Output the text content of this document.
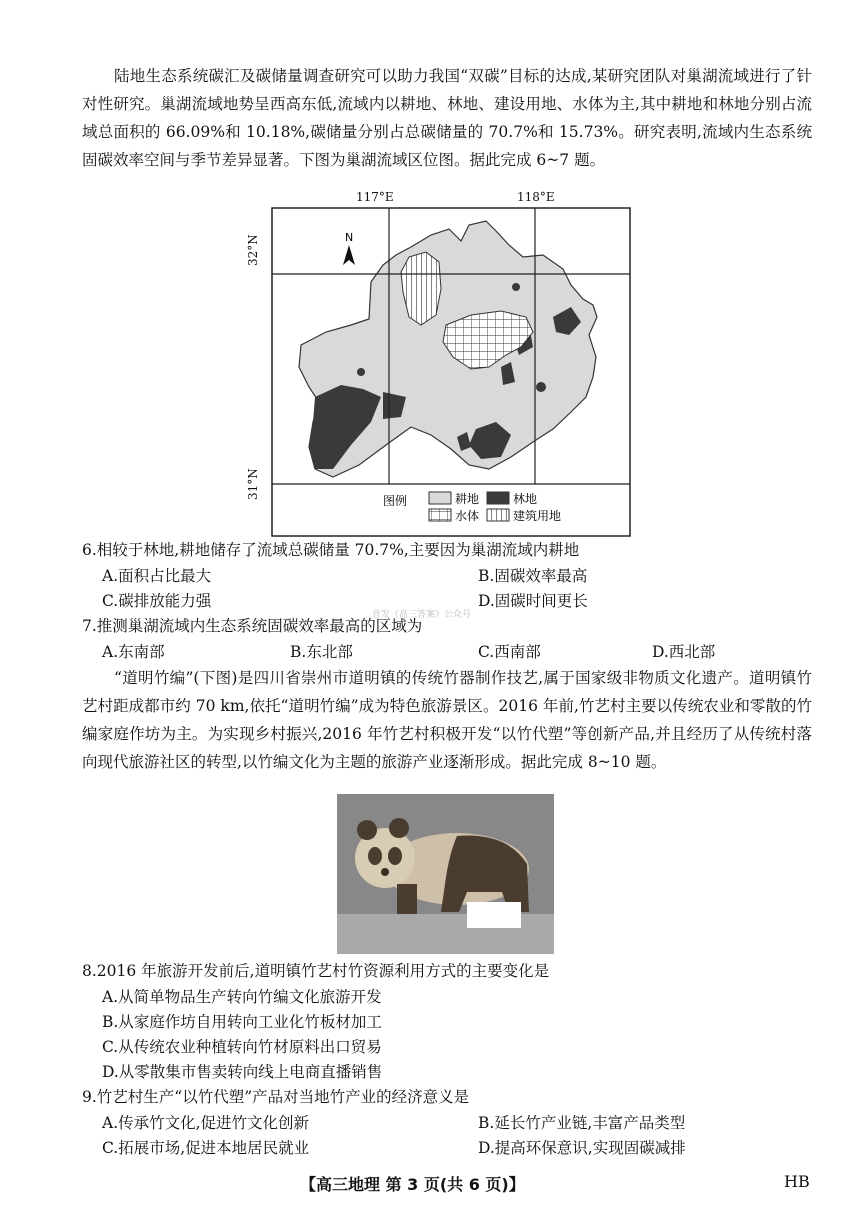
陆地生态系统碳汇及碳储量调查研究可以助力我国“双碳”目标的达成,某研究团队对巢湖流域进行了针对性研究。巢湖流域地势呈西高东低,流域内以耕地、林地、建设用地、水体为主,其中耕地和林地分别占流域总面积的 66.09%和 10.18%,碳储量分别占总碳储量的 70.7%和 15.73%。研究表明,流域内生态系统固碳效率空间与季节差异显著。下图为巢湖流域区位图。据此完成 6~7 题。

N
图例	耕地	林地
水体	建筑用地
117°E	118°E
32°N
31°N

6.相较于林地,耕地储存了流域总碳储量 70.7%,主要因为巢湖流域内耕地

A.面积占比最大	B.固碳效率最高

C.碳排放能力强	D.固碳时间更长

首发《高三答案》公众号

7.推测巢湖流域内生态系统固碳效率最高的区域为

A.东南部	B.东北部	C.西南部	D.西北部

“道明竹编”(下图)是四川省崇州市道明镇的传统竹器制作技艺,属于国家级非物质文化遗产。道明镇竹艺村距成都市约 70 km,依托“道明竹编”成为特色旅游景区。2016 年前,竹艺村主要以传统农业和零散的竹编家庭作坊为主。为实现乡村振兴,2016 年竹艺村积极开发“以竹代塑”等创新产品,并且经历了从传统村落向现代旅游社区的转型,以竹编文化为主题的旅游产业逐渐形成。据此完成 8~10 题。

8.2016 年旅游开发前后,道明镇竹艺村竹资源利用方式的主要变化是

A.从简单物品生产转向竹编文化旅游开发

B.从家庭作坊自用转向工业化竹板材加工

C.从传统农业种植转向竹材原料出口贸易

D.从零散集市售卖转向线上电商直播销售

9.竹艺村生产“以竹代塑”产品对当地竹产业的经济意义是

A.传承竹文化,促进竹文化创新	B.延长竹产业链,丰富产品类型

C.拓展市场,促进本地居民就业	D.提高环保意识,实现固碳减排

【高三地理 第 3 页(共 6 页)】	HB
